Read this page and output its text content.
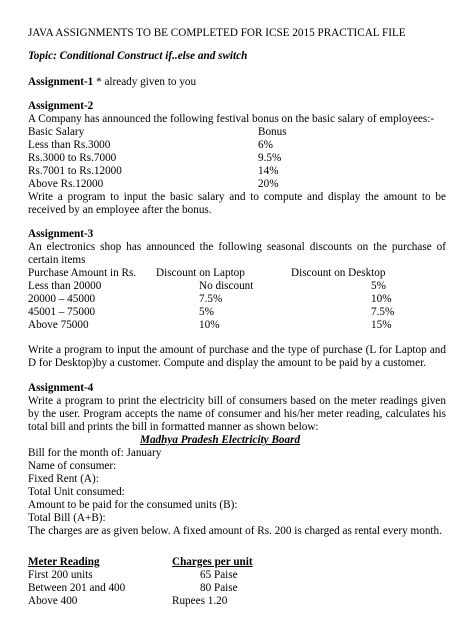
JAVA ASSIGNMENTS TO BE COMPLETED FOR ICSE 2015 PRACTICAL FILE
Topic: Conditional Construct if..else and switch
Assignment-1 * already given to you
Assignment-2
A Company has announced the following festival bonus on the basic salary of employees:-
Basic Salary	Bonus
Less than Rs.3000	6%
Rs.3000 to Rs.7000	9.5%
Rs.7001 to Rs.12000	14%
Above Rs.12000	20%
Write a program to input the basic salary and to compute and display the amount to be received by an employee after the bonus.
Assignment-3
An electronics shop has announced the following seasonal discounts on the purchase of certain items
Purchase Amount in Rs. Discount on Laptop	Discount on Desktop
Less than 20000	No discount	5%
20000 – 45000	7.5%	10%
45001 – 75000	5%	7.5%
Above 75000	10%	15%
Write a program to input the amount of purchase and the type of purchase (L for Laptop and D for Desktop)by a customer. Compute and display the amount to be paid by a customer.
Assignment-4
Write a program to print the electricity bill of consumers based on the meter readings given by the user. Program accepts the name of consumer and his/her meter reading, calculates his total bill and prints the bill in formatted manner as shown below:
Madhya Pradesh Electricity Board
Bill for the month of: January
Name of consumer:
Fixed Rent (A):
Total Unit consumed:
Amount to be paid for the consumed units (B):
Total Bill (A+B):
The charges are as given below. A fixed amount of Rs. 200 is charged as rental every month.
Meter Reading	Charges per unit
First 200 units	65 Paise
Between 201 and 400	80 Paise
Above 400	Rupees 1.20
